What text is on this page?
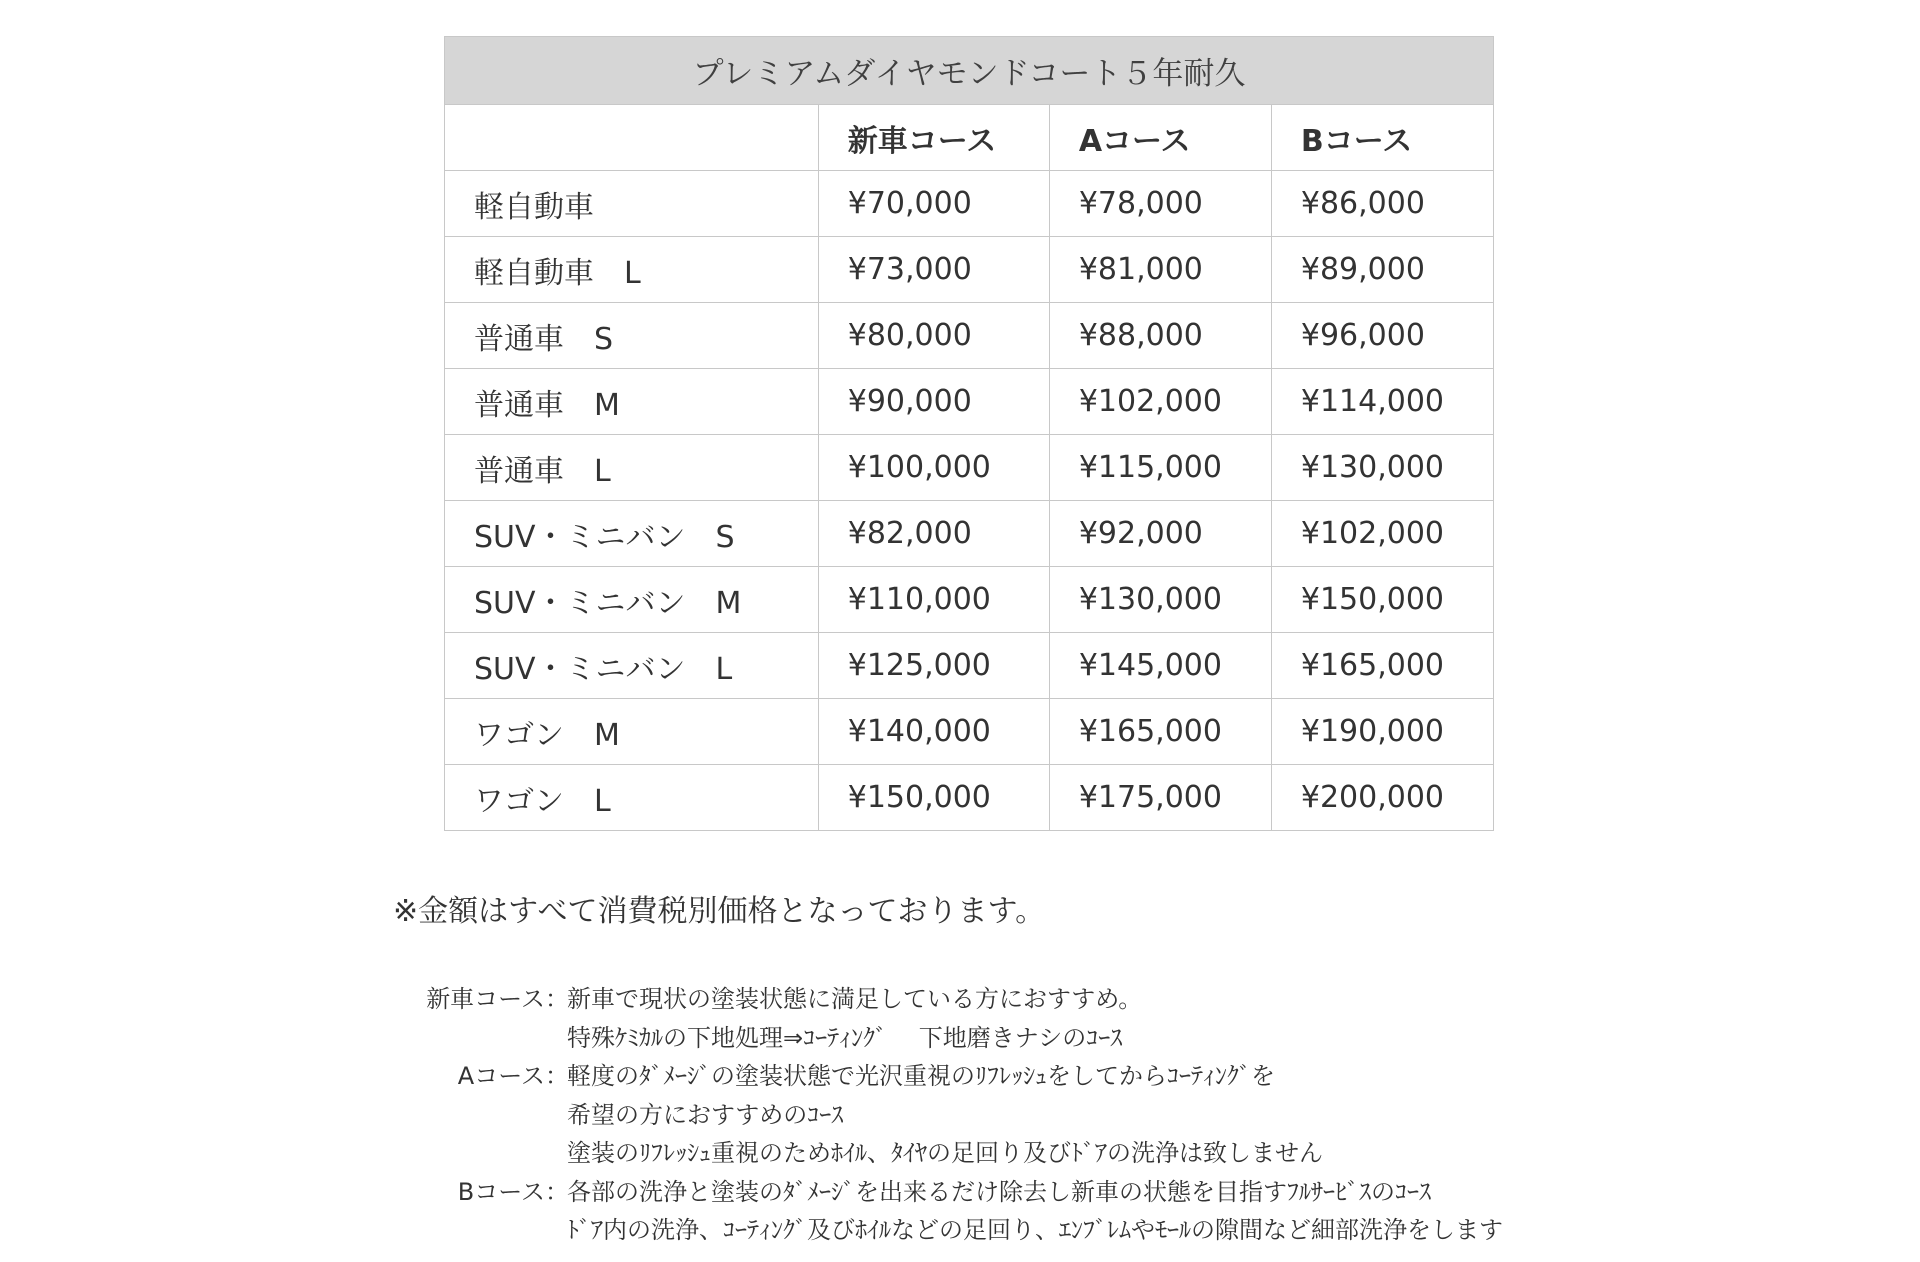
プレミアムダイヤモンドコート５年耐久			
	新車コース	Aコース	Bコース
軽自動車	¥70,000	¥78,000	¥86,000
軽自動車　L	¥73,000	¥81,000	¥89,000
普通車　S	¥80,000	¥88,000	¥96,000
普通車　M	¥90,000	¥102,000	¥114,000
普通車　L	¥100,000	¥115,000	¥130,000
SUV・ミニバン　S	¥82,000	¥92,000	¥102,000
SUV・ミニバン　M	¥110,000	¥130,000	¥150,000
SUV・ミニバン　L	¥125,000	¥145,000	¥165,000
ワゴン　M	¥140,000	¥165,000	¥190,000
ワゴン　L	¥150,000	¥175,000	¥200,000
※金額はすべて消費税別価格となっております。
新車コース ：
新車で現状の塗装状態に満足している方におすすめ。
特殊ｹﾐｶﾙの下地処理⇒ｺｰﾃｨﾝｸﾞ　 下地磨きナシのｺｰｽ
Aコース ：
軽度のﾀﾞﾒｰｼﾞの塗装状態で光沢重視のﾘﾌﾚｯｼｭをしてからｺｰﾃｨﾝｸﾞを
希望の方におすすめのｺｰｽ
塗装のﾘﾌﾚｯｼｭ重視のためﾎｲﾙ、ﾀｲﾔの足回り及びﾄﾞｱの洗浄は致しません
Bコース ：
各部の洗浄と塗装のﾀﾞﾒｰｼﾞを出来るだけ除去し新車の状態を目指すﾌﾙｻｰﾋﾞｽのｺｰｽ
ﾄﾞｱ内の洗浄、ｺｰﾃｨﾝｸﾞ及びﾎｲﾙなどの足回り、ｴﾝﾌﾞﾚﾑやﾓｰﾙの隙間など細部洗浄をします
